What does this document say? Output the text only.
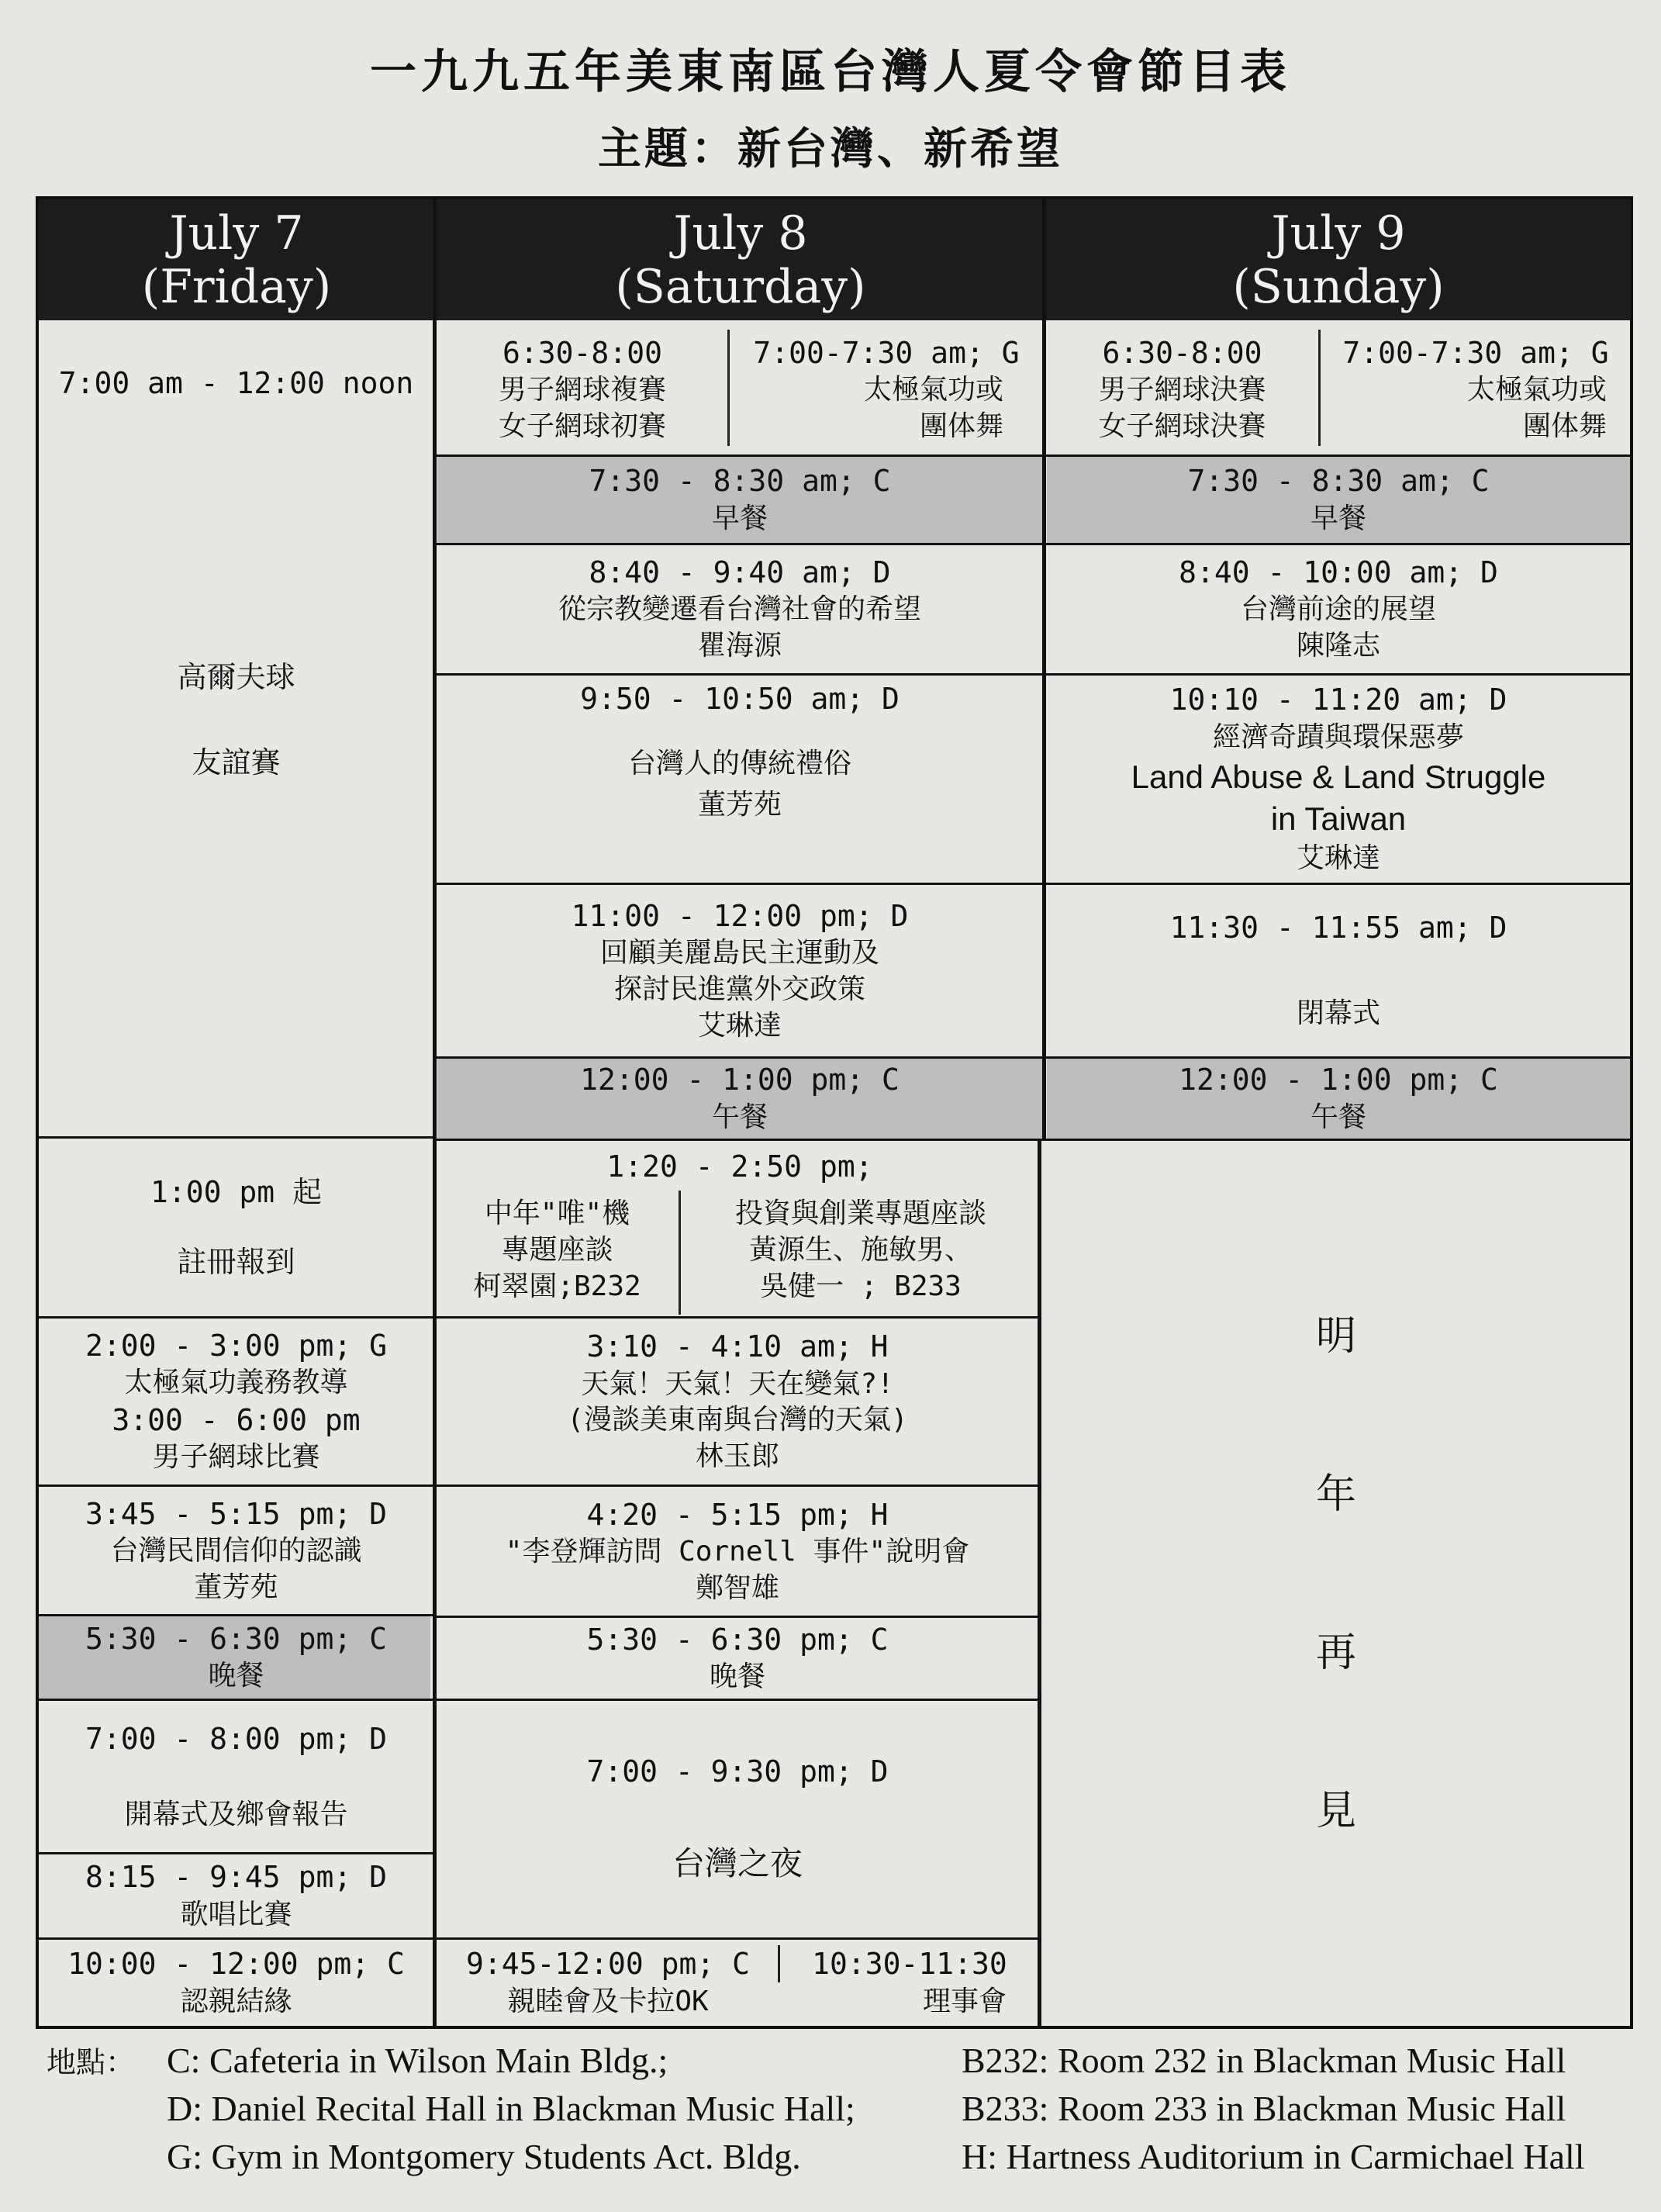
一九九五年美東南區台灣人夏令會節目表
主題：新台灣、新希望
July 7
(Friday)
July 8
(Saturday)
July 9
(Sunday)
7:00 am - 12:00 noon
高爾夫球
友誼賽
1:00 pm 起
註冊報到
2:00 - 3:00 pm; G
太極氣功義務教導
3:00 - 6:00 pm
男子網球比賽
3:45 - 5:15 pm; D
台灣民間信仰的認識
董芳苑
5:30 - 6:30 pm; C
晚餐
7:00 - 8:00 pm; D
開幕式及鄉會報告
8:15 - 9:45 pm; D
歌唱比賽
10:00 - 12:00 pm; C
認親結緣
6:30-8:00
男子網球複賽
女子網球初賽
7:00-7:30 am; G
太極氣功或
團体舞
7:30 - 8:30 am; C
早餐
8:40 - 9:40 am; D
從宗教變遷看台灣社會的希望
瞿海源
9:50 - 10:50 am; D
台灣人的傳統禮俗
董芳苑
11:00 - 12:00 pm; D
回顧美麗島民主運動及
探討民進黨外交政策
艾琳達
12:00 - 1:00 pm; C
午餐
1:20 - 2:50 pm;
中年"唯"機
專題座談
柯翠園;B232
投資與創業專題座談
黃源生、施敏男、
吳健一 ; B233
3:10 - 4:10 am; H
天氣！天氣！天在變氣?!
(漫談美東南與台灣的天氣)
林玉郎
4:20 - 5:15 pm; H
"李登輝訪問 Cornell 事件"說明會
鄭智雄
5:30 - 6:30 pm; C
晚餐
7:00 - 9:30 pm; D
台灣之夜
9:45-12:00 pm; C
親睦會及卡拉OK
10:30-11:30
理事會
6:30-8:00
男子網球決賽
女子網球決賽
7:00-7:30 am; G
太極氣功或
團体舞
7:30 - 8:30 am; C
早餐
8:40 - 10:00 am; D
台灣前途的展望
陳隆志
10:10 - 11:20 am; D
經濟奇蹟與環保惡夢
Land Abuse & Land Struggle
in Taiwan
艾琳達
11:30 - 11:55 am; D
閉幕式
12:00 - 1:00 pm; C
午餐
明
年
再
見
地點： C: Cafeteria in Wilson Main Bldg.;
D: Daniel Recital Hall in Blackman Music Hall;
G: Gym in Montgomery Students Act. Bldg.
B232: Room 232 in Blackman Music Hall
B233: Room 233 in Blackman Music Hall
H: Hartness Auditorium in Carmichael Hall
